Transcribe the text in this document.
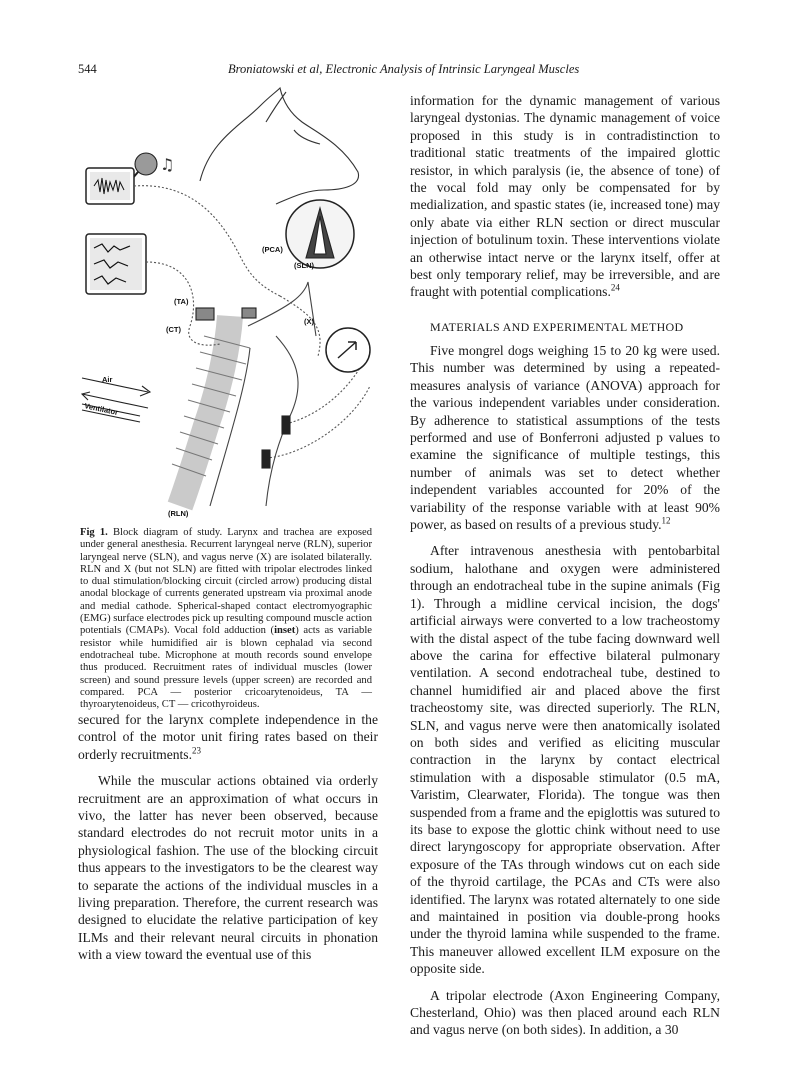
544	Broniatowski et al, Electronic Analysis of Intrinsic Laryngeal Muscles
♫
(PCA)
(SLN)
(TA)
(CT)
(X)
Air
Ventilator
(RLN)
Fig 1. Block diagram of study. Larynx and trachea are exposed under general anesthesia. Recurrent laryngeal nerve (RLN), superior laryngeal nerve (SLN), and vagus nerve (X) are isolated bilaterally. RLN and X (but not SLN) are fitted with tripolar electrodes linked to dual stimulation/blocking circuit (circled arrow) producing distal anodal blockage of currents generated upstream via proximal anode and medial cathode. Spherical-shaped contact electromyographic (EMG) surface electrodes pick up resulting compound muscle action potentials (CMAPs). Vocal fold adduction (inset) acts as variable resistor while humidified air is blown cephalad via second endotracheal tube. Microphone at mouth records sound envelope thus produced. Recruitment rates of individual muscles (lower screen) and sound pressure levels (upper screen) are recorded and compared. PCA — posterior cricoarytenoideus, TA — thyroarytenoideus, CT — cricothyroideus.

secured for the larynx complete independence in the control of the motor unit firing rates based on their orderly recruitments.$^{23}$

While the muscular actions obtained via orderly recruitment are an approximation of what occurs in vivo, the latter has never been observed, because standard electrodes do not recruit motor units in a physiological fashion. The use of the blocking circuit thus appears to the investigators to be the clearest way to separate the actions of the individual muscles in a living preparation. Therefore, the current research was designed to elucidate the relative participation of key ILMs and their relevant neural circuits in phonation with a view toward the eventual use of this

information for the dynamic management of various laryngeal dystonias. The dynamic management of voice proposed in this study is in contradistinction to traditional static treatments of the impaired glottic resistor, in which paralysis (ie, the absence of tone) of the vocal fold may only be compensated for by medialization, and spastic states (ie, increased tone) may only abate via either RLN section or direct muscular injection of botulinum toxin. These interventions violate an otherwise intact nerve or the larynx itself, offer at best only temporary relief, may be irreversible, and are fraught with potential complications.$^{24}$

MATERIALS AND EXPERIMENTAL METHOD

Five mongrel dogs weighing 15 to 20 kg were used. This number was determined by using a repeated-measures analysis of variance (ANOVA) approach for the various independent variables under consideration. By adherence to statistical assumptions of the tests performed and use of Bonferroni adjusted p values to examine the significance of multiple testings, this number of animals was set to detect whether independent variables accounted for 20% of the variability of the response variable with at least 90% power, as based on results of a previous study.$^{12}$

After intravenous anesthesia with pentobarbital sodium, halothane and oxygen were administered through an endotracheal tube in the supine animals (Fig 1). Through a midline cervical incision, the dogs' artificial airways were converted to a low tracheostomy with the distal aspect of the tube facing downward well above the carina for effective bilateral pulmonary ventilation. A second endotracheal tube, destined to channel humidified air and placed above the first tracheostomy site, was directed superiorly. The RLN, SLN, and vagus nerve were then anatomically isolated on both sides and verified as eliciting muscular contraction in the larynx by contact electrical stimulation with a disposable stimulator (0.5 mA, Varistim, Clearwater, Florida). The tongue was then suspended from a frame and the epiglottis was sutured to its base to expose the glottic chink without need to use direct laryngoscopy for appropriate observation. After exposure of the TAs through windows cut on each side of the thyroid cartilage, the PCAs and CTs were also identified. The larynx was rotated alternately to one side and maintained in position via double-prong hooks under the thyroid lamina while suspended to the frame. This maneuver allowed excellent ILM exposure on the opposite side.

A tripolar electrode (Axon Engineering Company, Chesterland, Ohio) was then placed around each RLN and vagus nerve (on both sides). In addition, a 30
